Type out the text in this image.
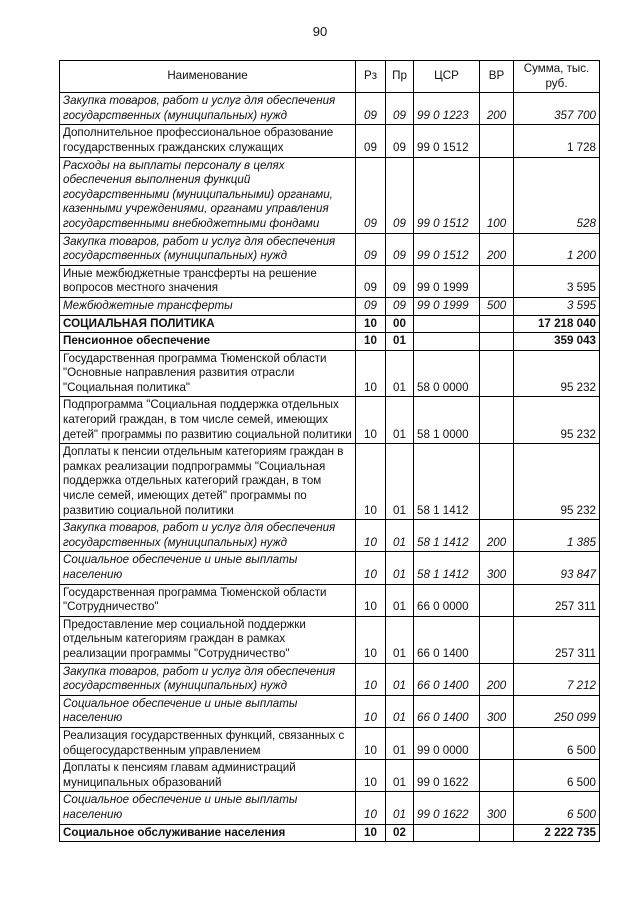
90
Наименование	Рз	Пр	ЦСР	ВР	Сумма, тыс. руб.
Закупка товаров, работ и услуг для обеспечения государственных (муниципальных) нужд	09	09	99 0 1223	200	357 700
Дополнительное профессиональное образование государственных гражданских служащих	09	09	99 0 1512		1 728
Расходы на выплаты персоналу в целях обеспечения выполнения функций государственными (муниципальными) органами, казенными учреждениями, органами управления государственными внебюджетными фондами	09	09	99 0 1512	100	528
Закупка товаров, работ и услуг для обеспечения государственных (муниципальных) нужд	09	09	99 0 1512	200	1 200
Иные межбюджетные трансферты на решение вопросов местного значения	09	09	99 0 1999		3 595
Межбюджетные трансферты	09	09	99 0 1999	500	3 595
СОЦИАЛЬНАЯ ПОЛИТИКА	10	00			17 218 040
Пенсионное обеспечение	10	01			359 043
Государственная программа Тюменской области "Основные направления развития отрасли "Социальная политика"	10	01	58 0 0000		95 232
Подпрограмма "Социальная поддержка отдельных категорий граждан, в том числе семей, имеющих детей" программы по развитию социальной политики	10	01	58 1 0000		95 232
Доплаты к пенсии отдельным категориям граждан в рамках реализации подпрограммы "Социальная поддержка отдельных категорий граждан, в том числе семей, имеющих детей" программы по развитию социальной политики	10	01	58 1 1412		95 232
Закупка товаров, работ и услуг для обеспечения государственных (муниципальных) нужд	10	01	58 1 1412	200	1 385
Социальное обеспечение и иные выплаты населению	10	01	58 1 1412	300	93 847
Государственная программа Тюменской области "Сотрудничество"	10	01	66 0 0000		257 311
Предоставление мер социальной поддержки отдельным категориям граждан в рамках реализации программы "Сотрудничество"	10	01	66 0 1400		257 311
Закупка товаров, работ и услуг для обеспечения государственных (муниципальных) нужд	10	01	66 0 1400	200	7 212
Социальное обеспечение и иные выплаты населению	10	01	66 0 1400	300	250 099
Реализация государственных функций, связанных с общегосударственным управлением	10	01	99 0 0000		6 500
Доплаты к пенсиям главам администраций муниципальных образований	10	01	99 0 1622		6 500
Социальное обеспечение и иные выплаты населению	10	01	99 0 1622	300	6 500
Социальное обслуживание населения	10	02			2 222 735
